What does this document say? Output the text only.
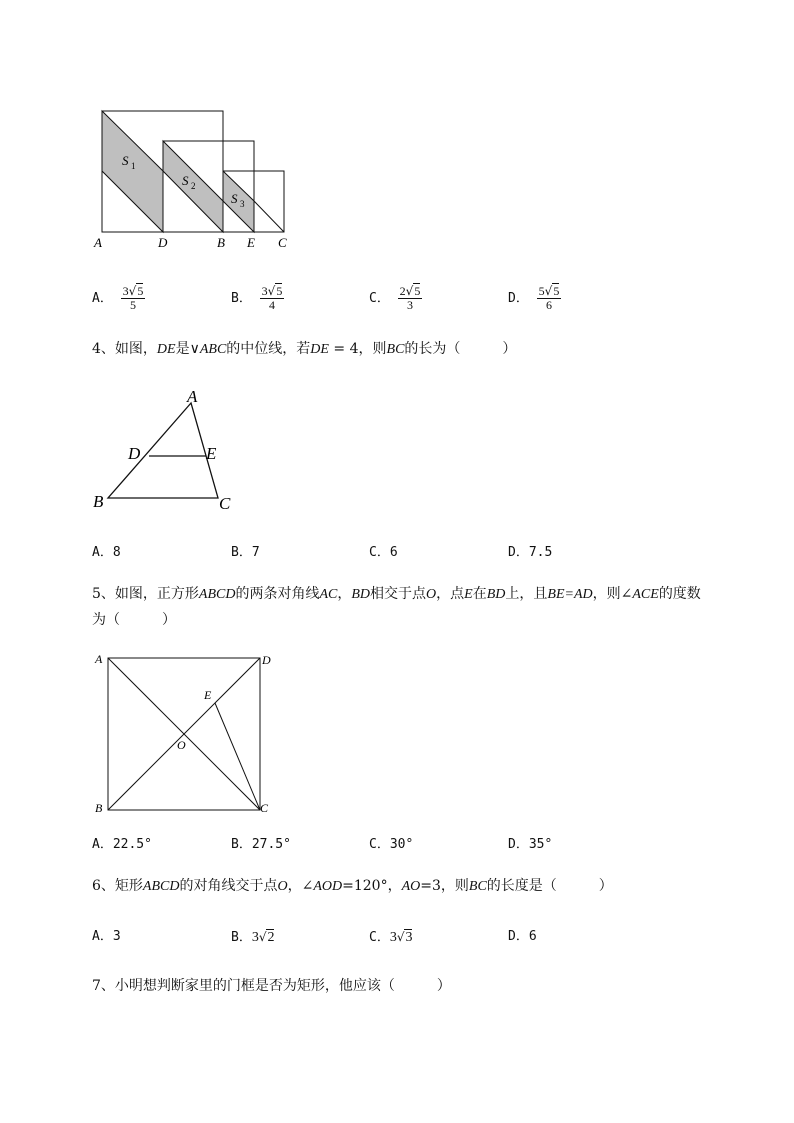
S 1
S 2
S 3
A	D	B E C
A． $\frac{3√5}{5}$	B． $\frac{3√5}{4}$	C． $\frac{2√5}{3}$	D． $\frac{5√5}{6}$
4、如图，DE是∨ABC的中位线，若DE = 4，则BC的长为（　　　）
A
D	E
B	C
A．8	B．7	C．6	D．7.5
5、如图，正方形ABCD的两条对角线AC，BD相交于点O，点E在BD上，且BE=AD，则∠ACE的度数
为（　　　）
A	D
E
O
B	C
A．22.5°	B．27.5°	C．30°	D．35°
6、矩形ABCD的对角线交于点O，∠AOD=120°，AO=3，则BC的长度是（　　　）
A．3	B．3√2	C．3√3	D．6
7、小明想判断家里的门框是否为矩形，他应该（　　　）
